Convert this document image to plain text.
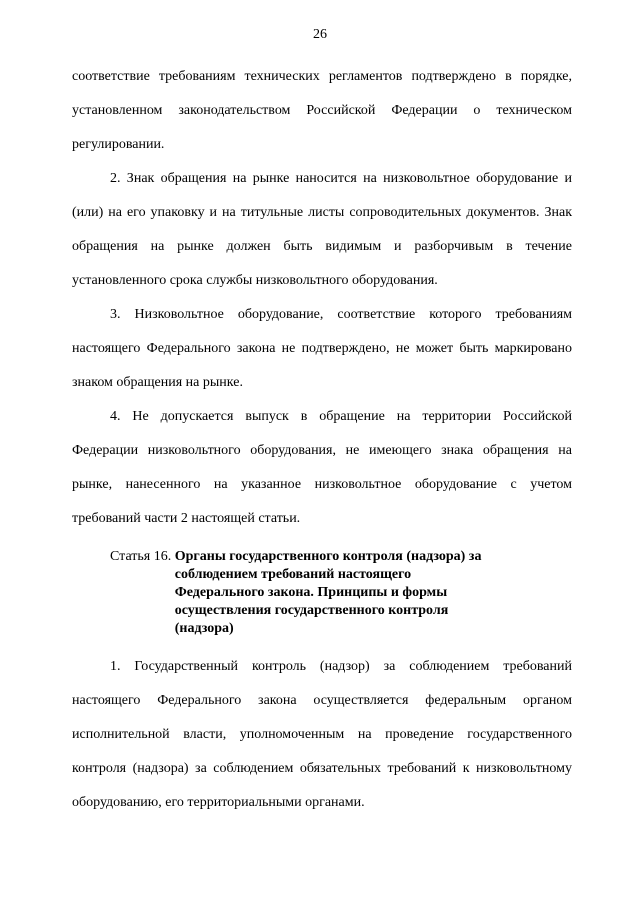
26

соответствие требованиям технических регламентов подтверждено в порядке, установленном законодательством Российской Федерации о техническом регулировании.

2. Знак обращения на рынке наносится на низковольтное оборудование и (или) на его упаковку и на титульные листы сопроводительных документов. Знак обращения на рынке должен быть видимым и разборчивым в течение установленного срока службы низковольтного оборудования.

3. Низковольтное оборудование, соответствие которого требованиям настоящего Федерального закона не подтверждено, не может быть маркировано знаком обращения на рынке.

4. Не допускается выпуск в обращение на территории Российской Федерации низковольтного оборудования, не имеющего знака обращения на рынке, нанесенного на указанное низковольтное оборудование с учетом требований части 2 настоящей статьи.

Статья 16. Органы государственного контроля (надзора) за соблюдением требований настоящего Федерального закона. Принципы и формы осуществления государственного контроля (надзора)

1. Государственный контроль (надзор) за соблюдением требований настоящего Федерального закона осуществляется федеральным органом исполнительной власти, уполномоченным на проведение государственного контроля (надзора) за соблюдением обязательных требований к низковольтному оборудованию, его территориальными органами.
